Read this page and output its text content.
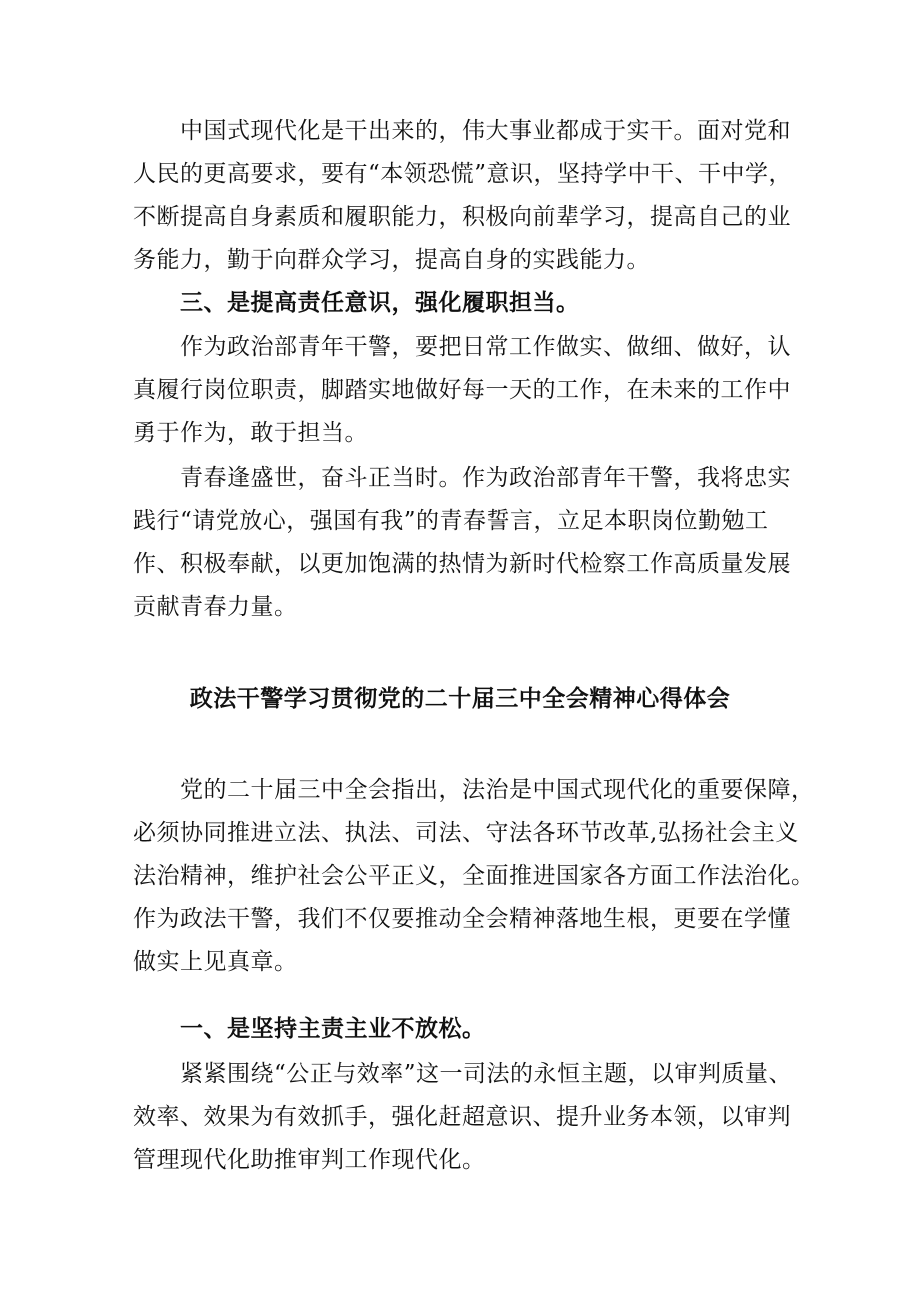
中国式现代化是干出来的，伟大事业都成于实干。面对党和
人民的更高要求，要有“本领恐慌”意识，坚持学中干、干中学，
不断提高自身素质和履职能力，积极向前辈学习，提高自己的业
务能力，勤于向群众学习，提高自身的实践能力。
三、是提高责任意识，强化履职担当。
作为政治部青年干警，要把日常工作做实、做细、做好，认
真履行岗位职责，脚踏实地做好每一天的工作，在未来的工作中
勇于作为，敢于担当。
青春逢盛世，奋斗正当时。作为政治部青年干警，我将忠实
践行“请党放心，强国有我”的青春誓言，立足本职岗位勤勉工
作、积极奉献，以更加饱满的热情为新时代检察工作高质量发展
贡献青春力量。
政法干警学习贯彻党的二十届三中全会精神心得体会
党的二十届三中全会指出，法治是中国式现代化的重要保障，
必须协同推进立法、执法、司法、守法各环节改革,弘扬社会主义
法治精神，维护社会公平正义，全面推进国家各方面工作法治化。
作为政法干警，我们不仅要推动全会精神落地生根，更要在学懂
做实上见真章。
一、是坚持主责主业不放松。
紧紧围绕“公正与效率”这一司法的永恒主题，以审判质量、
效率、效果为有效抓手，强化赶超意识、提升业务本领，以审判
管理现代化助推审判工作现代化。
